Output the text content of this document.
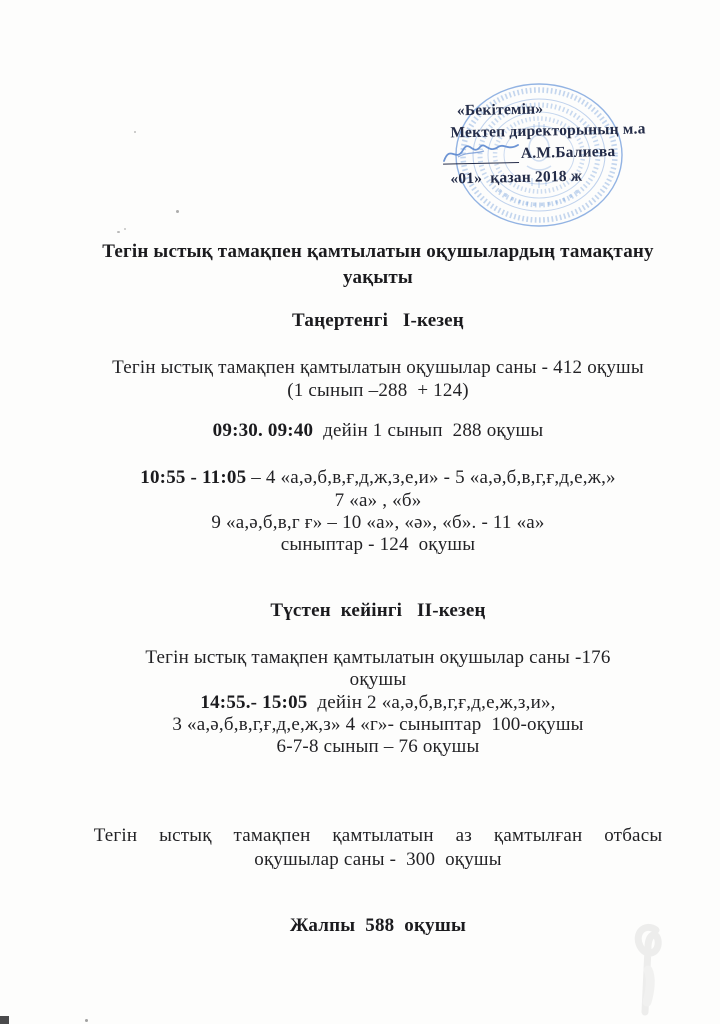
«Бекітемін»
Мектеп директорының м.а
А.М.Балиева
«01»  қазан 2018 ж
Тегін ыстық тамақпен қамтылатын оқушылардың тамақтану
уақыты
Таңертенгі   I-кезең
Тегін ыстық тамақпен қамтылатын оқушылар саны - 412 оқушы
(1 сынып –288  + 124)
09:30. 09:40  дейін 1 сынып  288 оқушы
10:55 - 11:05 – 4 «а,ә,б,в,ғ,д,ж,з,е,и» - 5 «а,ә,б,в,г,ғ,д,е,ж,»
7 «а» , «б»
9 «а,ә,б,в,г ғ» – 10 «а», «ә», «б». - 11 «а»
сыныптар - 124  оқушы
Түстен  кейінгі   II-кезең
Тегін ыстық тамақпен қамтылатын оқушылар саны -176
оқушы
14:55.- 15:05  дейін 2 «а,ә,б,в,г,ғ,д,е,ж,з,и»,
3 «а,ә,б,в,г,ғ,д,е,ж,з» 4 «г»- сыныптар  100-оқушы
6-7-8 сынып – 76 оқушы
Тегін  ыстық  тамақпен  қамтылатын  аз  қамтылған  отбасы
оқушылар саны -  300  оқушы
Жалпы  588  оқушы
